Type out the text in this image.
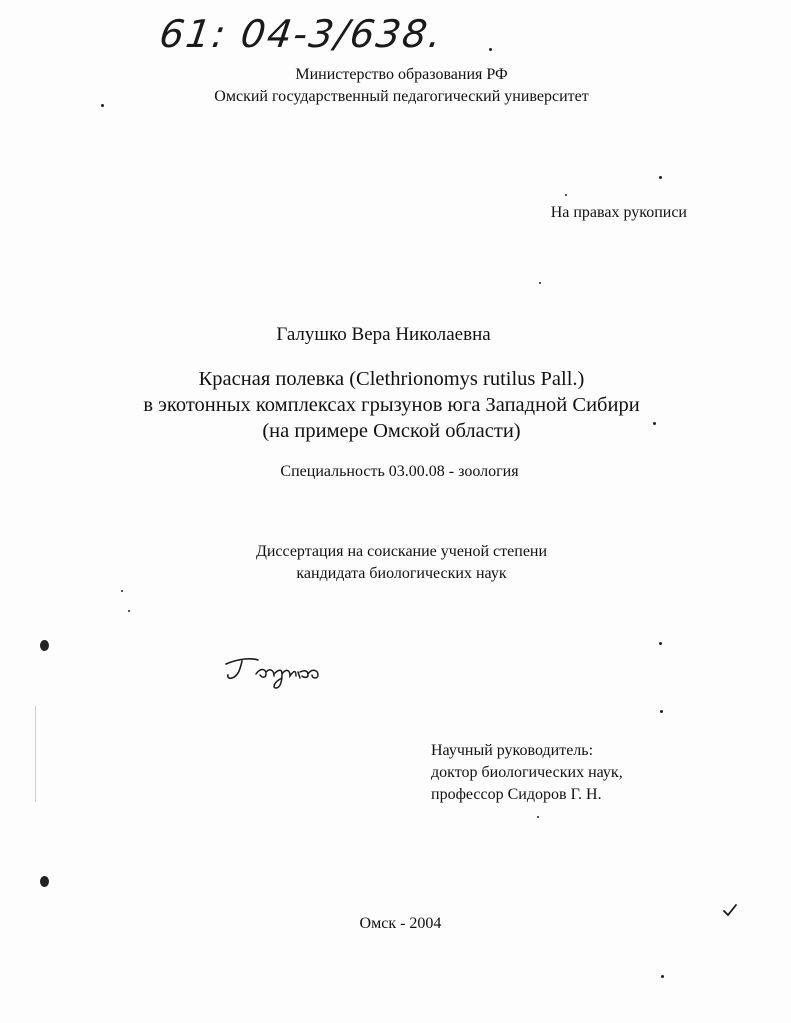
61: 04-3/638.
Министерство образования РФ
Омский государственный педагогический университет
На правах рукописи
Галушко Вера Николаевна
Красная полевка (Clethrionomys rutilus Pall.)
в экотонных комплексах грызунов юга Западной Сибири
(на примере Омской области)
Специальность 03.00.08 - зоология
Диссертация на соискание ученой степени
кандидата биологических наук
Научный руководитель:
доктор биологических наук,
профессор Сидоров Г. Н.
Омск - 2004
